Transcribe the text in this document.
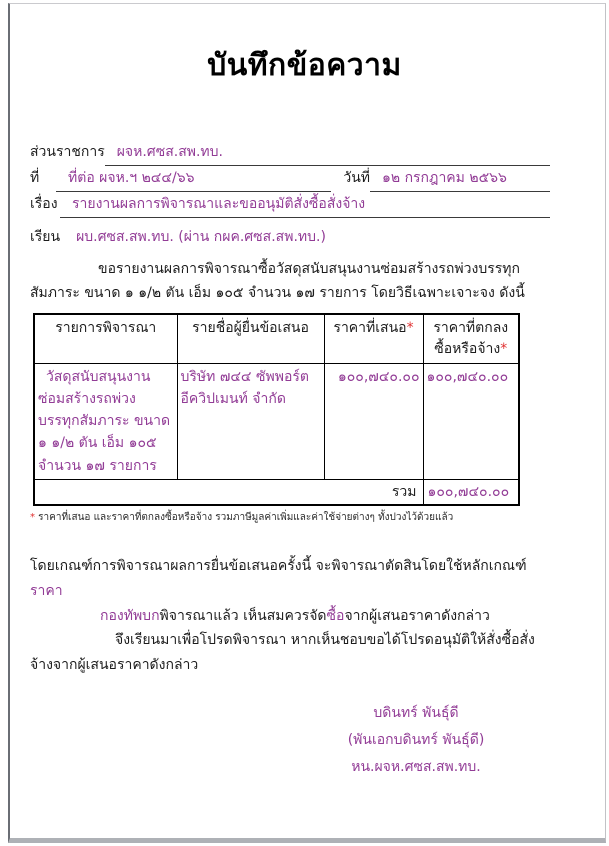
บันทึกข้อความ
ส่วนราชการ ผจห.ศซส.สพ.ทบ.
ที่	ที่ต่อ ผจห.ฯ ๒๔๔/๖๖	วันที่ ๑๒ กรกฎาคม ๒๕๖๖
เรื่อง	รายงานผลการพิจารณาและขออนุมัติสั่งซื้อสั่งจ้าง
เรียน	ผบ.ศซส.สพ.ทบ. (ผ่าน กผค.ศซส.สพ.ทบ.)

ขอรายงานผลการพิจารณาซื้อวัสดุสนับสนุนงานซ่อมสร้างรถพ่วงบรรทุกสัมภาระ ขนาด ๑ ๑/๒ ตัน เอ็ม ๑๐๕ จำนวน ๑๗ รายการ โดยวิธีเฉพาะเจาะจง ดังนี้

รายการพิจารณา	รายชื่อผู้ยื่นข้อเสนอ	ราคาที่เสนอ*	ราคาที่ตกลงซื้อหรือจ้าง*
วัสดุสนับสนุนงานซ่อมสร้างรถพ่วงบรรทุกสัมภาระ ขนาด ๑ ๑/๒ ตัน เอ็ม ๑๐๕ จำนวน ๑๗ รายการ	บริษัท ๗๔๔ ซัพพอร์ต อีควิปเมนท์ จำกัด	๑๐๐,๗๔๐.๐๐	๑๐๐,๗๔๐.๐๐
รวม			๑๐๐,๗๔๐.๐๐

* ราคาที่เสนอ และราคาที่ตกลงซื้อหรือจ้าง รวมภาษีมูลค่าเพิ่มและค่าใช้จ่ายต่างๆ ทั้งปวงไว้ด้วยแล้ว

โดยเกณฑ์การพิจารณาผลการยื่นข้อเสนอครั้งนี้ จะพิจารณาตัดสินโดยใช้หลักเกณฑ์ราคา

กองทัพบกพิจารณาแล้ว เห็นสมควรจัดซื้อจากผู้เสนอราคาดังกล่าว

จึงเรียนมาเพื่อโปรดพิจารณา หากเห็นชอบขอได้โปรดอนุมัติให้สั่งซื้อสั่งจ้างจากผู้เสนอราคาดังกล่าว

บดินทร์ พันธุ์ดี
(พันเอกบดินทร์ พันธุ์ดี)
หน.ผจห.ศซส.สพ.ทบ.
